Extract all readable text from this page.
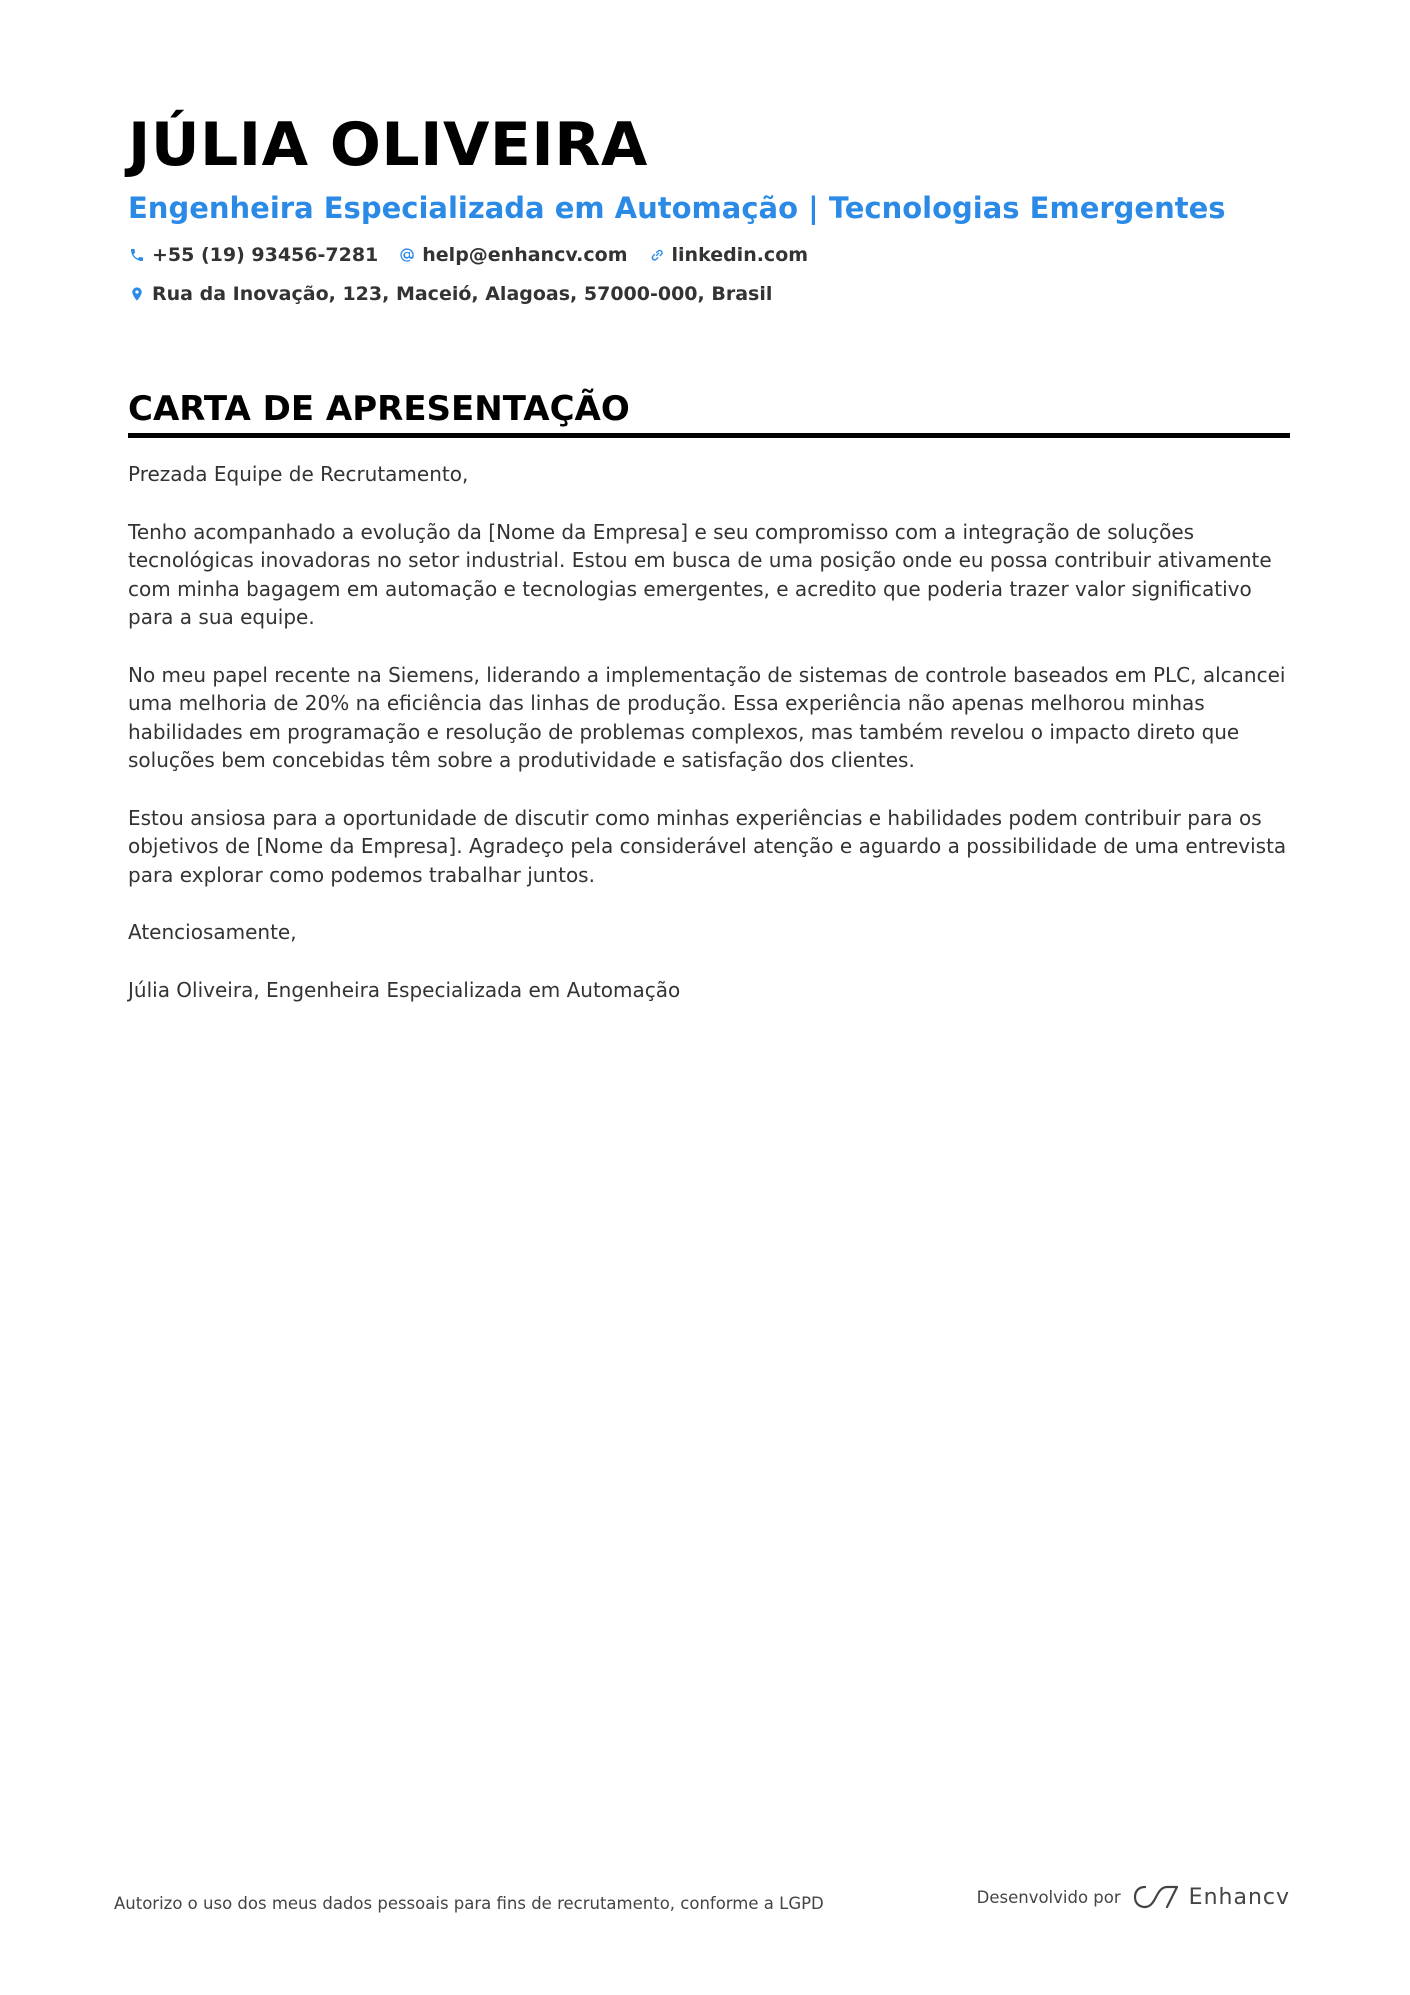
JÚLIA OLIVEIRA
Engenheira Especializada em Automação | Tecnologias Emergentes
+55 (19) 93456-7281 help@enhancv.com linkedin.com
Rua da Inovação, 123, Maceió, Alagoas, 57000-000, Brasil
CARTA DE APRESENTAÇÃO

Prezada Equipe de Recrutamento,

Tenho acompanhado a evolução da [Nome da Empresa] e seu compromisso com a integração de soluções tecnológicas inovadoras no setor industrial. Estou em busca de uma posição onde eu possa contribuir ativamente com minha bagagem em automação e tecnologias emergentes, e acredito que poderia trazer valor significativo para a sua equipe.

No meu papel recente na Siemens, liderando a implementação de sistemas de controle baseados em PLC, alcancei uma melhoria de 20% na eficiência das linhas de produção. Essa experiência não apenas melhorou minhas habilidades em programação e resolução de problemas complexos, mas também revelou o impacto direto que soluções bem concebidas têm sobre a produtividade e satisfação dos clientes.

Estou ansiosa para a oportunidade de discutir como minhas experiências e habilidades podem contribuir para os objetivos de [Nome da Empresa]. Agradeço pela considerável atenção e aguardo a possibilidade de uma entrevista para explorar como podemos trabalhar juntos.

Atenciosamente,

Júlia Oliveira, Engenheira Especializada em Automação

Autorizo o uso dos meus dados pessoais para fins de recrutamento, conforme a LGPD	Desenvolvido por	Enhancv
